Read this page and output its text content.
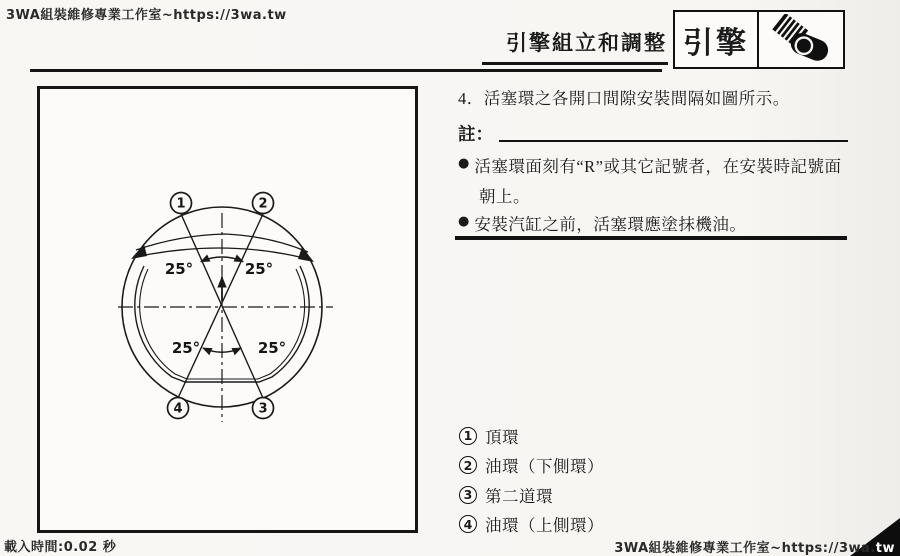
3WA組裝維修專業工作室~https://3wa.tw
引擎組立和調整 引擎
25°	25°
25°	25°
1	2
3
4
4．活塞環之各開口間隙安裝間隔如圖所示。
註：
● 活塞環面刻有“R”或其它記號者，在安裝時記號面
朝上。
● 安裝汽缸之前，活塞環應塗抹機油。
1 頂環
2 油環（下側環）
3 第二道環
4 油環（上側環）
載入時間:0.02 秒	3WA組裝維修專業工作室~https://3wa.tw
